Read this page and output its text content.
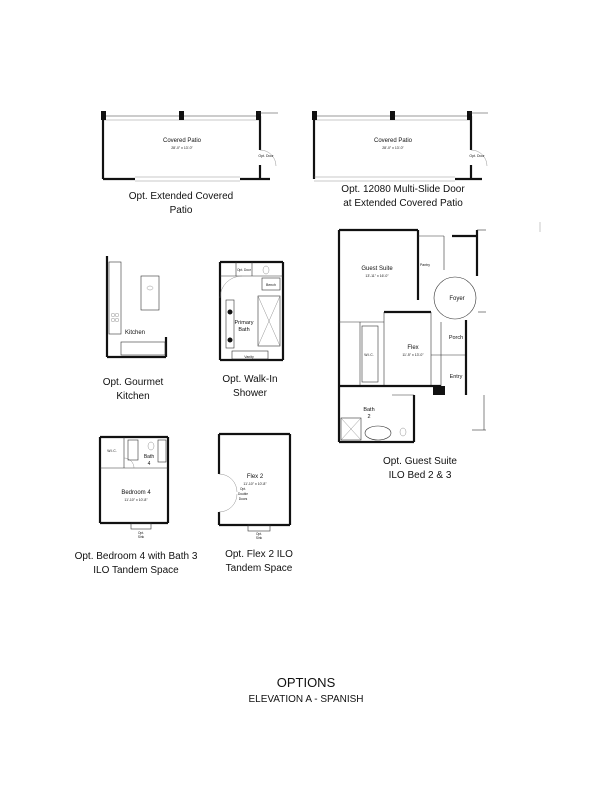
Covered Patio
28'-0" x 13'-0"
Opt. Door
Covered Patio
28'-0" x 13'-0"
Opt. Door
Kitchen
Primary
Bath
Bench
Vanity
Opt. Door	Guest Suite
13'-11" x 16'-0"
Pantry
Foyer
Flex
11'-5" x 13'-0"
Porch
Entry
W.I.C.
Bath
2
W.I.C.
Bath
4
Bedroom 4
11'-10" x 10'-8"
Opt.
Sink
Flex 2
11'-10" x 10'-8"
Opt.
Double
Doors
Opt.
Sink
Opt. Extended Covered
Patio
Opt. 12080 Multi-Slide Door
at Extended Covered Patio
Opt. Gourmet
Kitchen
Opt. Walk-In
Shower
Opt. Guest Suite
ILO Bed 2 & 3
Opt. Bedroom 4 with Bath 3
ILO Tandem Space
Opt. Flex 2 ILO
Tandem Space
OPTIONS
ELEVATION A - SPANISH
